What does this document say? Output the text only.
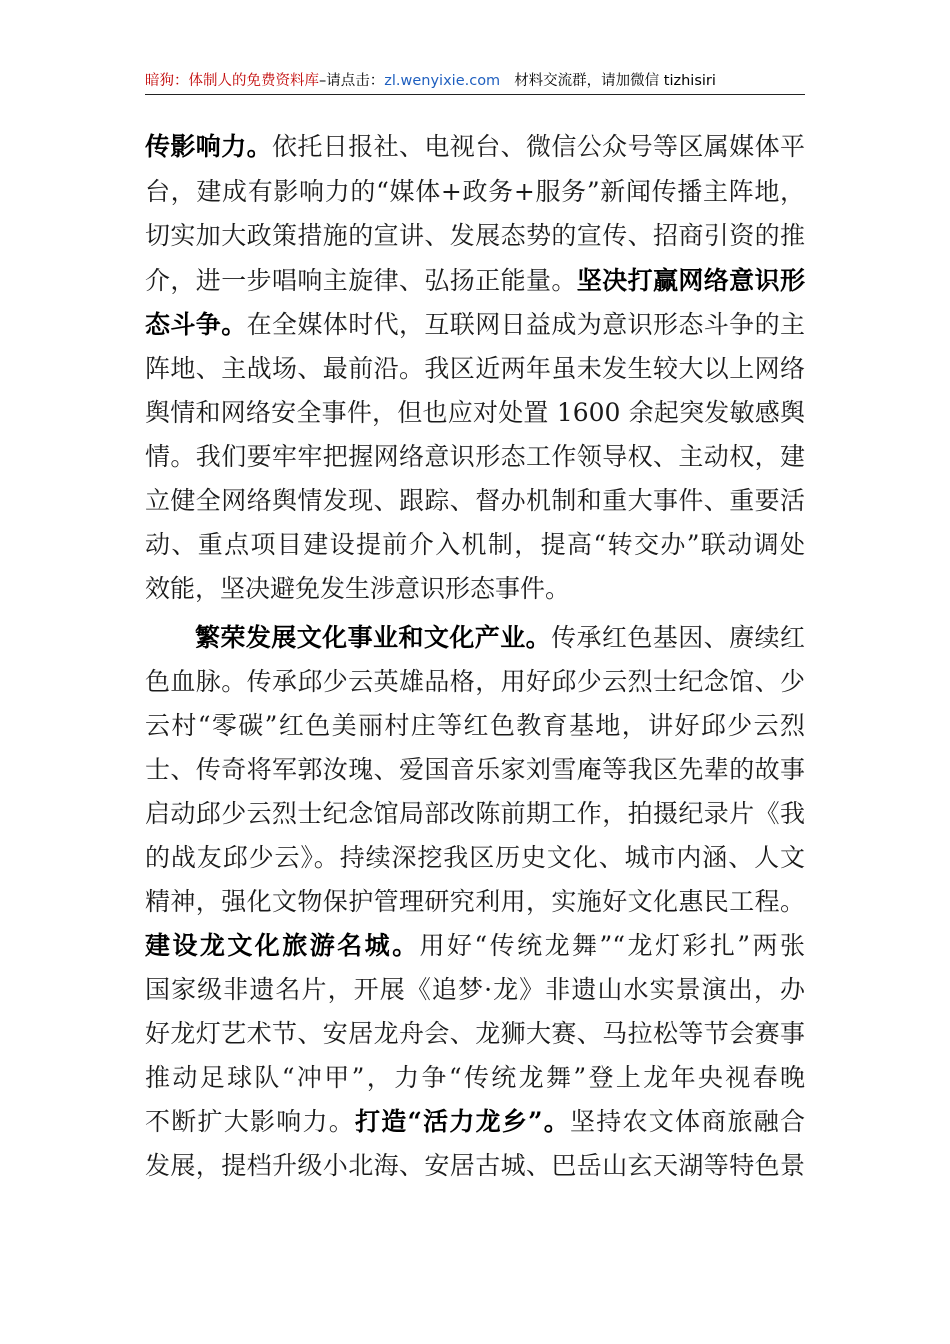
暗狗：体制人的免费资料库–请点击：zl.wenyixie.com 材料交流群，请加微信 tizhisiri
传影响力。依托日报社、电视台、微信公众号等区属媒体平
台，建成有影响力的“媒体+政务+服务”新闻传播主阵地，
切实加大政策措施的宣讲、发展态势的宣传、招商引资的推
介，进一步唱响主旋律、弘扬正能量。坚决打赢网络意识形
态斗争。在全媒体时代，互联网日益成为意识形态斗争的主
阵地、主战场、最前沿。我区近两年虽未发生较大以上网络
舆情和网络安全事件，但也应对处置 1600 余起突发敏感舆
情。我们要牢牢把握网络意识形态工作领导权、主动权，建
立健全网络舆情发现、跟踪、督办机制和重大事件、重要活
动、重点项目建设提前介入机制，提高“转交办”联动调处
效能，坚决避免发生涉意识形态事件。
繁荣发展文化事业和文化产业。传承红色基因、赓续红
色血脉。传承邱少云英雄品格，用好邱少云烈士纪念馆、少
云村“零碳”红色美丽村庄等红色教育基地，讲好邱少云烈
士、传奇将军郭汝瑰、爱国音乐家刘雪庵等我区先辈的故事
启动邱少云烈士纪念馆局部改陈前期工作，拍摄纪录片《我
的战友邱少云》。持续深挖我区历史文化、城市内涵、人文
精神，强化文物保护管理研究利用，实施好文化惠民工程。
建设龙文化旅游名城。用好“传统龙舞”“龙灯彩扎”两张
国家级非遗名片，开展《追梦·龙》非遗山水实景演出，办
好龙灯艺术节、安居龙舟会、龙狮大赛、马拉松等节会赛事
推动足球队“冲甲”，力争“传统龙舞”登上龙年央视春晚
不断扩大影响力。打造“活力龙乡”。坚持农文体商旅融合
发展，提档升级小北海、安居古城、巴岳山玄天湖等特色景
